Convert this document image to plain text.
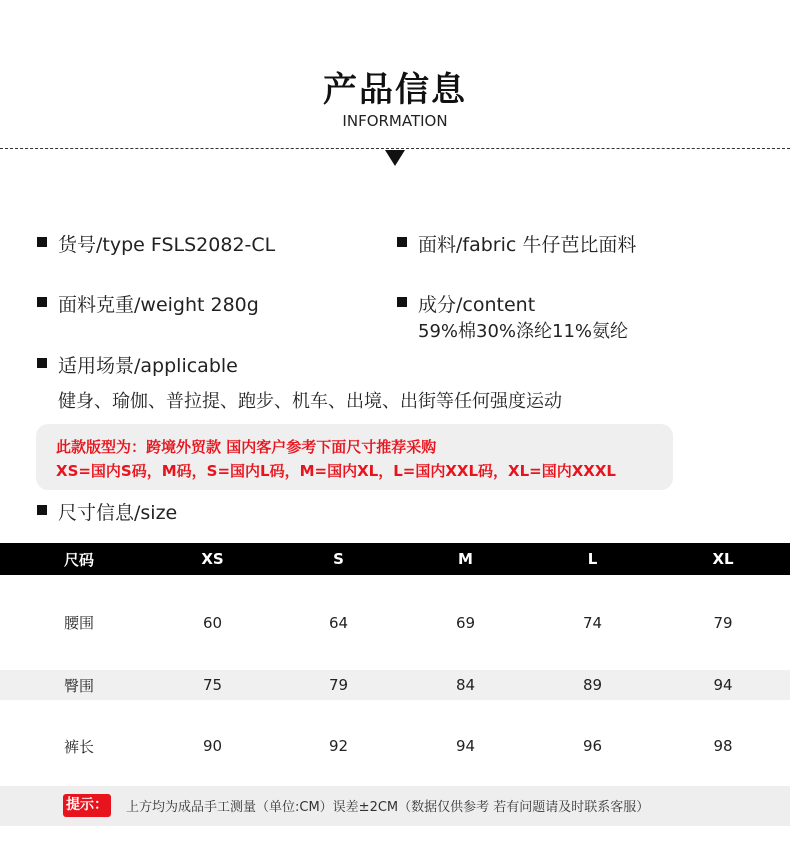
产品信息
INFORMATION
货号/type FSLS2082-CL	面料/fabric 牛仔芭比面料
面料克重/weight 280g	成分/content
59%棉30%涤纶11%氨纶
适用场景/applicable
健身、瑜伽、普拉提、跑步、机车、出境、出街等任何强度运动
此款版型为：跨境外贸款 国内客户参考下面尺寸推荐采购
XS=国内S码，M码，S=国内L码，M=国内XL，L=国内XXL码，XL=国内XXXL
尺寸信息/size
尺码	XS	S	M	L	XL
腰围	60	64	69	74	79
臀围	75	79	84	89	94
裤长	90	92	94	96	98
提示： 上方均为成品手工测量（单位:CM）误差±2CM（数据仅供参考 若有问题请及时联系客服）
